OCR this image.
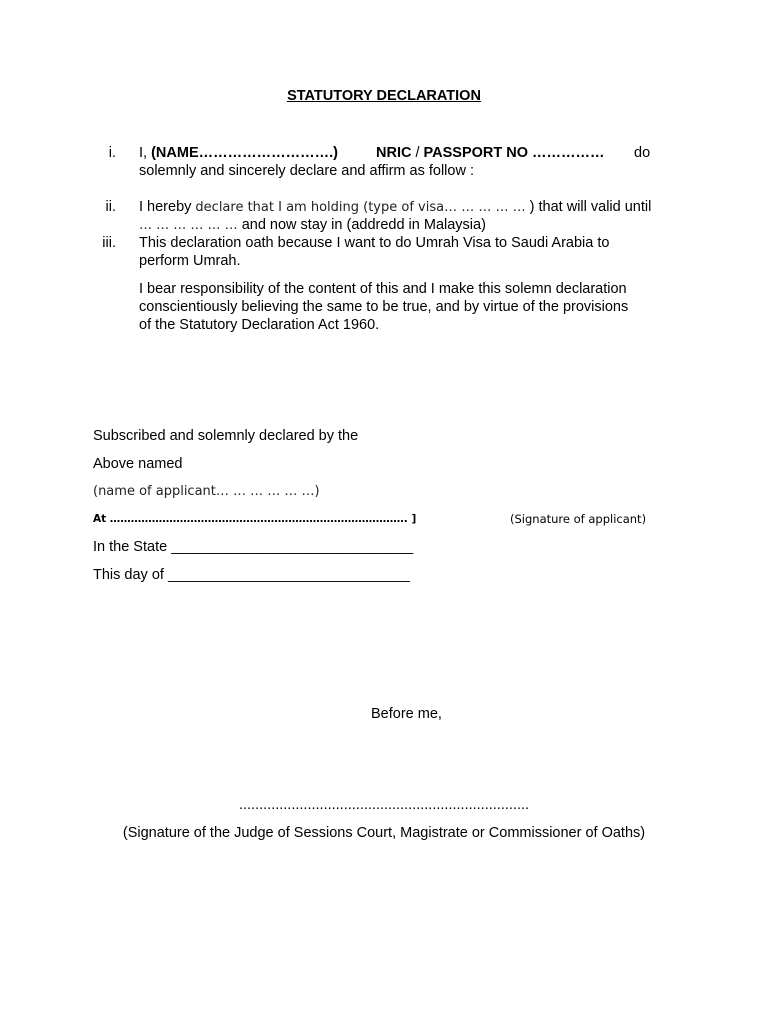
STATUTORY DECLARATION
i. I, (NAME……………………….)	NRIC / PASSPORT NO …………… do
solemnly and sincerely declare and affirm as follow :
ii. I hereby declare that I am holding (type of visa… … … … … ) that will valid until
… … … … … … and now stay in (addredd in Malaysia)
iii. This declaration oath because I want to do Umrah Visa to Saudi Arabia to
perform Umrah.
I bear responsibility of the content of this and I make this solemn declaration
conscientiously believing the same to be true, and by virtue of the provisions
of the Statutory Declaration Act 1960.
Subscribed and solemnly declared by the
Above named
(name of applicant… … … … … …)
At …………………………………………………………………………. ]	(Signature of applicant)
In the State ______________________________
This day of ______________________________
Before me,
........................................................................
(Signature of the Judge of Sessions Court, Magistrate or Commissioner of Oaths)
